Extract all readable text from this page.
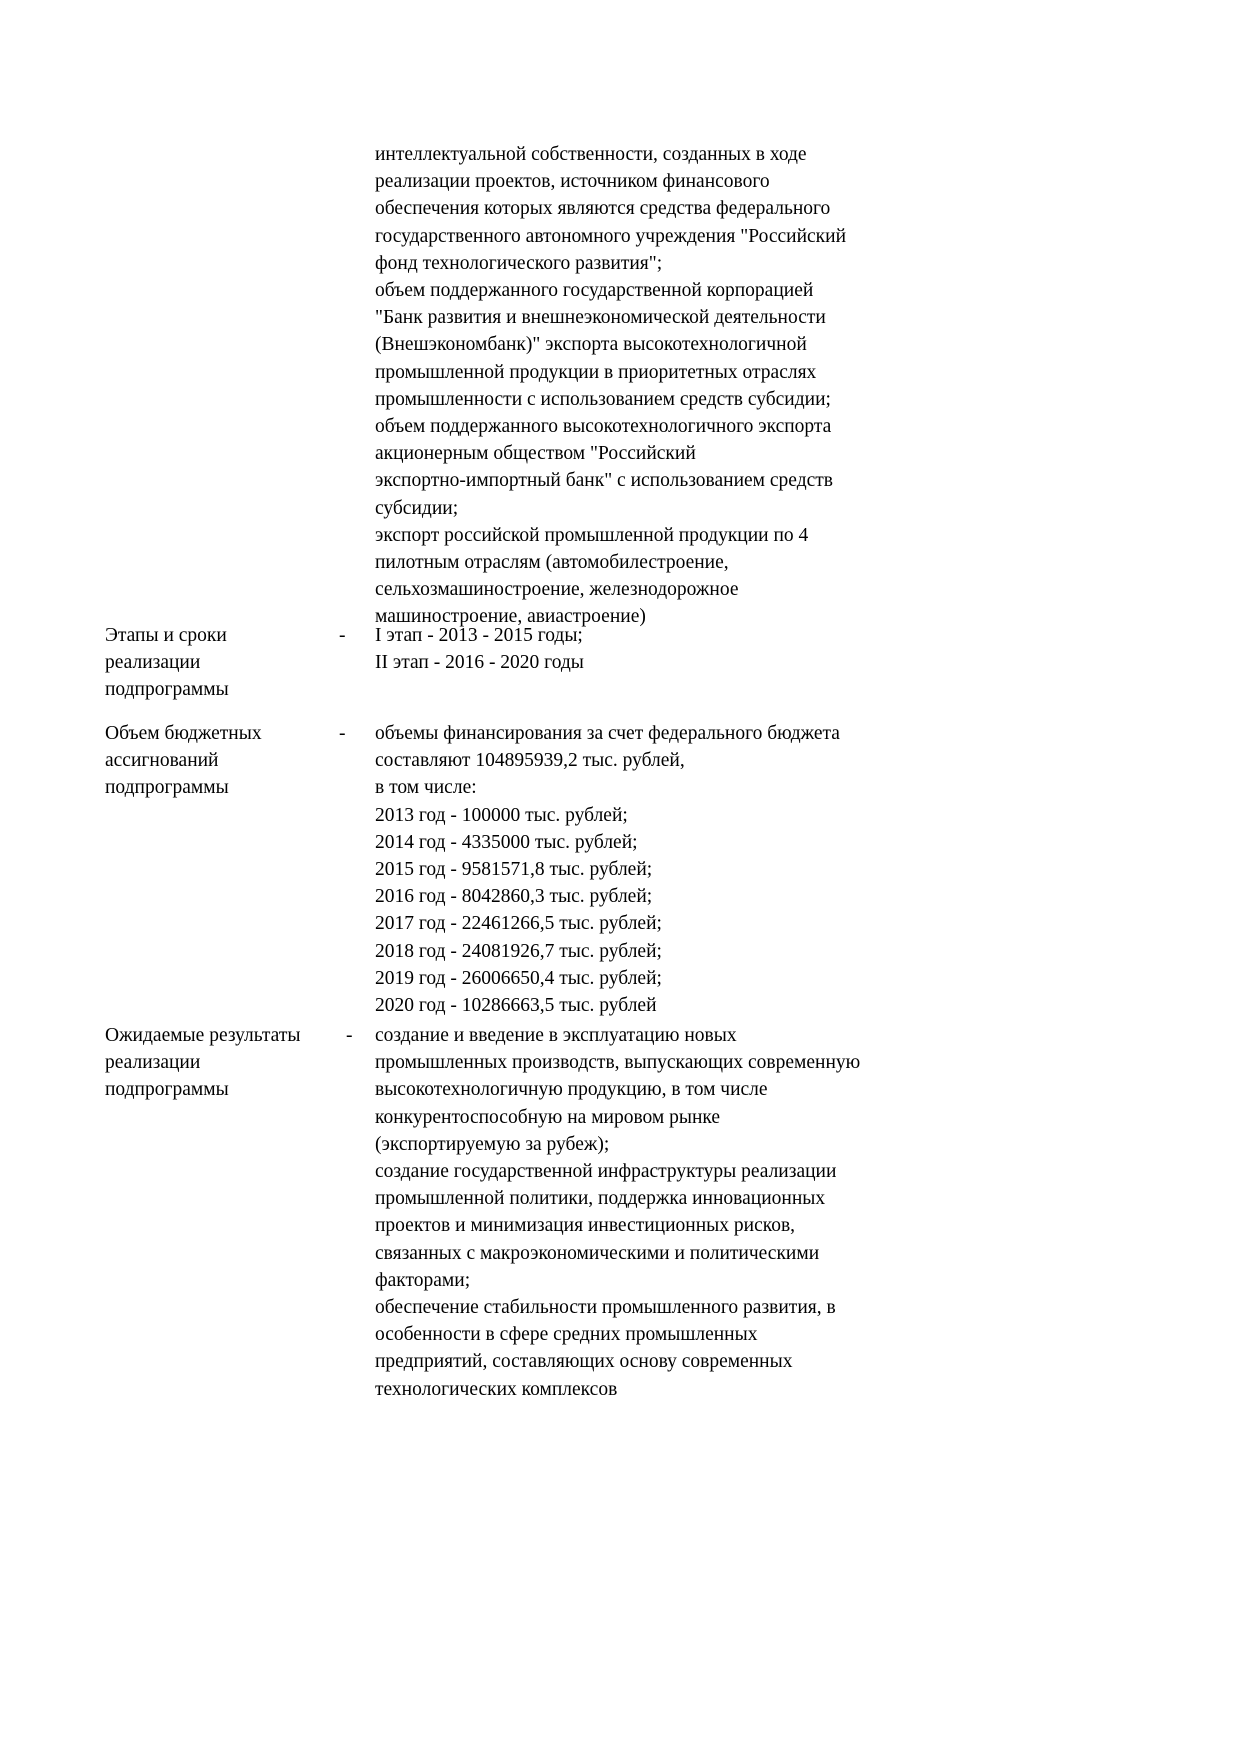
интеллектуальной собственности, созданных в ходе
реализации проектов, источником финансового
обеспечения которых являются средства федерального
государственного автономного учреждения "Российский
фонд технологического развития";
объем поддержанного государственной корпорацией
"Банк развития и внешнеэкономической деятельности
(Внешэкономбанк)" экспорта высокотехнологичной
промышленной продукции в приоритетных отраслях
промышленности с использованием средств субсидии;
объем поддержанного высокотехнологичного экспорта
акционерным обществом "Российский
экспортно-импортный банк" с использованием средств
субсидии;
экспорт российской промышленной продукции по 4
пилотным отраслям (автомобилестроение,
сельхозмашиностроение, железнодорожное
машиностроение, авиастроение)
Этапы и сроки
реализации
подпрограммы
- I этап - 2013 - 2015 годы;
II этап - 2016 - 2020 годы
Объем бюджетных
ассигнований
подпрограммы
- объемы финансирования за счет федерального бюджета
составляют 104895939,2 тыс. рублей,
в том числе:
2013 год - 100000 тыс. рублей;
2014 год - 4335000 тыс. рублей;
2015 год - 9581571,8 тыс. рублей;
2016 год - 8042860,3 тыс. рублей;
2017 год - 22461266,5 тыс. рублей;
2018 год - 24081926,7 тыс. рублей;
2019 год - 26006650,4 тыс. рублей;
2020 год - 10286663,5 тыс. рублей
Ожидаемые результаты
реализации
подпрограммы
- создание и введение в эксплуатацию новых
промышленных производств, выпускающих современную
высокотехнологичную продукцию, в том числе
конкурентоспособную на мировом рынке
(экспортируемую за рубеж);
создание государственной инфраструктуры реализации
промышленной политики, поддержка инновационных
проектов и минимизация инвестиционных рисков,
связанных с макроэкономическими и политическими
факторами;
обеспечение стабильности промышленного развития, в
особенности в сфере средних промышленных
предприятий, составляющих основу современных
технологических комплексов
